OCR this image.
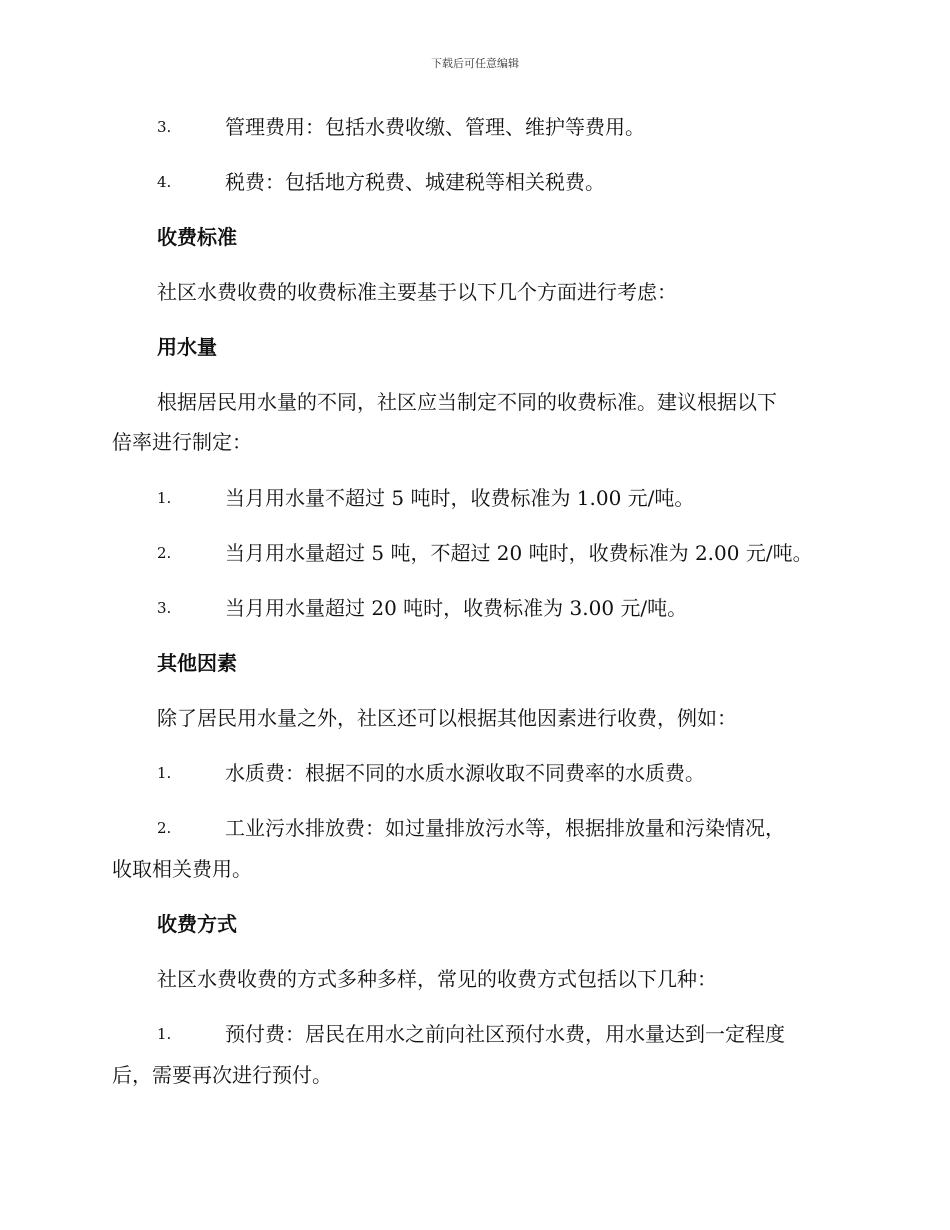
下载后可任意编辑
3.	管理费用：包括水费收缴、管理、维护等费用。
4.	税费：包括地方税费、城建税等相关税费。
收费标准
社区水费收费的收费标准主要基于以下几个方面进行考虑：
用水量
根据居民用水量的不同，社区应当制定不同的收费标准。建议根据以下
倍率进行制定：
1.	当月用水量不超过 5 吨时，收费标准为 1.00 元/吨。
2.	当月用水量超过 5 吨，不超过 20 吨时，收费标准为 2.00 元/吨。
3.	当月用水量超过 20 吨时，收费标准为 3.00 元/吨。
其他因素
除了居民用水量之外，社区还可以根据其他因素进行收费，例如：
1.	水质费：根据不同的水质水源收取不同费率的水质费。
2.	工业污水排放费：如过量排放污水等，根据排放量和污染情况，
收取相关费用。
收费方式
社区水费收费的方式多种多样，常见的收费方式包括以下几种：
1.	预付费：居民在用水之前向社区预付水费，用水量达到一定程度
后，需要再次进行预付。
